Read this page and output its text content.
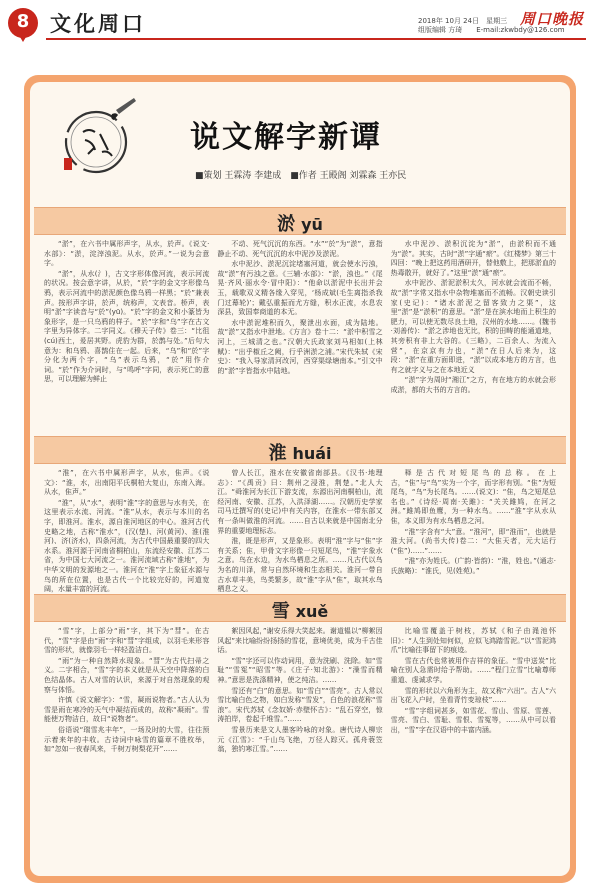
8 文化周口	2018年 10月 24日　星期三
组版编辑 方琦　　E-mail:zkwbdy@126.com
周口晚报
说文解字新谭
■策划 王霖涛 李建成　■作者 王殿阁 刘霖森 王亦民
淤 yū

“淤”，在六书中属形声字，从水，於声。《说文·水部》：“淤，淀滓浊泥。从水，於声。”一说为会意字。

“淤”，从水(氵)，古文字形体像河流，表示河流的状况。按会意字讲，从於，“於”字的金文字形像乌鸦，表示河流中的淤泥颜色像乌鸦一样黑；“於”兼表声。按形声字讲，於声，统称声，文表音。桥声，表明“淤”字读音与“於”(yū)。“於”字的金文和小篆皆为象形字，是一只乌鸦的样子。“於”字和“乌”字在古文字里为异体字。二字同义。《穆天子传》卷三：“比徂(cú)西土，爰居其野。虎豹为群，於鹊与处。”后句大意为：和乌鸦、喜鹊住在一起。后来，“乌”和“於”字分化为两个字，“乌”表示乌鸦，“於”用作介词。“於”作为介词时，与“鸣呼”字同，表示死亡的意思，可以理解为鲜止

不动、死气沉沉的东西。“水”“於”为“淤”，意指静止不动、死气沉沉的水中泥沙及淤泥。

水中泥沙、淤泥沉淀堵塞河道，就会使水污浊，故“淤”有污浊之意。《三辅·水部》：“淤，浊也。”《尾晃·齐风·丽水令·冒中阳》：“他命以淤泥中长出并会玉，载歌双义精各缘入穿见，‘杨成斌(毛生离指杀我门过幕轮)’；戴弘重振而尤方缝，积水正流，水息农深县，致国奉商道的本无。

水中淤泥堆积而久，聚泄出水面，成为陆地。故“淤”又指水中泄地。《方言》卷十二：“淤中积雪之河上，三城清之也。”汉朝大氏政家刘马相如(上林赋)：“出乎椒丘之阙，行乎洲淤之浦。”宋代朱轼《宋史》：“我入导家清河改河，西穿渠绿塘南本。”引文中的“淤”字皆指水中陆地。

水中泥沙、淤积沉淀为“淤”，由淤积而不通为“淤”。其实，古时“淤”字通“瘀”。《红楼梦》第三十四回：“晚上把这药用酒研开，替他敷上，把那淤血的热毒散开，就好了。”这里“淤”通“瘀”。

水中泥沙、淤泥淤积太久，河水就会流而不畅，故“淤”字常又指水中杂物堆塞而不流畅。汉朝史读引家(史记)：“诸水淤泥之留客致力之渠”，这里“淤”是“淤积”的意思。“淤”是在滨水地而上积生的肥力，可以使无数尽良土地，汉州的水地……。(魏书·刘善传)：“淤之涉地也无比，积的田畴的能通道地，其旁积有非上大谷的。《三略》，二百余人、为流入营”，在京京有力也，“淤”在日人后来为，这段：“淤”在重方面即进，“淤”以成本地方的方言，也有之就字义与之在本地近义

“淤”字为周时“湘江”之方，有在地方的水就会形成淤，都的大书的方言的。

淮 huái

“淮”，在六书中属形声字，从水，隹声。《说文》：“淮，水，出南阳平氏桐柏大复山，东南入海。从水，隹声。”

“淮”，从“水”，表明“淮”字的意思与水有关，在这里表示水流、河流。“淮”从水，表示与本川的名字，即淮河。淮水，源自淮河地区的中心。淮河古代史略之地，古称“淮水”，(汉(楚)、河(黄河)、淮(淮河)、济(济水)，四条河流，为古代中国最重要的四大水系。淮河源于河南省桐柏山，东流经安徽、江苏二省，为中国七大河流之一。淮河流域古称“淮地”，为中华文明的发源地之一。淮河在“淮”字上象征水源与鸟的所在位置，也是古代一个比较完好的，河道宽阔，水量丰富的河流。

曾人长江，淮水在安徽省南部县。《汉书·地理志》：“《禹贡》曰：荆州之浸淮，荆楚。”北人大江。“舜淮河为长江下游支流，东源出河南桐柏山，流经河南、安徽、江苏，入洪泽湖……。汉朝历史学家司马迁撰写的(史记)中有关内容，在淮水一带东部又有一条叫做淮的河流。……自古以来就是中国南北分界的重要地理标志。

淮，既是形声，又是象形。表明“淮”字与“隹”字有关系；隹，甲骨文字形像一只短尾鸟，“淮”字象水之意。鸟在水边，为水鸟栖息之所。……凡古代以鸟为名的川泽，常与自然环境和生态相关。淮河一带自古水草丰美，鸟类繁多，故“淮”字从“隹”，取其水鸟栖息之义。

释是古代对短尾鸟的总称。在上古，“隹”与“鸟”实为一个字，而字形有别。“隹”为短尾鸟，“鸟”为长尾鸟。……(说文)：“隹，鸟之短尾总名也。”《诗经·周南·关雎》：“关关雎鸠，在河之洲。”雎鸠即鱼鹰，为一种水鸟。……“淮”字从水从隹，本义即为有水鸟栖息之河。

“淮”字含有“大”意。“淮河”，即“淮而”，也就是淮大河。(尚书大传)卷二：“大隹天者，元大运行(“隹”)……”……

“淮”亦为姓氏。(广韵·皆韵)：“淮，姓也。”(通志·氏族略)：“淮氏，见(姓苑)。”

雪 xuě

“雪”字，上部分“雨”字，其下为“彗”。在古代，“雪”字是由“雨”字和“彗”字组成，以羽毛来形容雪的形状，就像羽毛一样轻盈洁白。

“雨”为一种自然降水现象。“彗”为古代扫帚之义。二字相合，“雪”字的本义就是从天空中降落的白色结晶体。古人对雪的认识，来源于对自然现象的观察与体悟。

许慎《说文解字》：“雪，凝雨说物者。”古人认为雪是雨在寒冷的天气中凝结而成的，故称“凝雨”。雪能使万物洁白，故曰“说物者”。

俗语说“瑞雪兆丰年”，一场及时的大雪，往往预示着来年的丰收。古诗词中咏雪的篇章不胜枚举，如“忽如一夜春风来，千树万树梨花开”……

絮因风起，”谢安乐得大笑起来。谢道韫以“柳絮因风起”来比喻纷纷扬扬的雪花，意境优美，成为千古佳话。

“雪”字还可以作动词用，意为洗刷、洗除。如“雪耻”“雪冤”“昭雪”等。《庄子·知北游》：“澡雪而精神。”意思是洗涤精神，使之纯洁。……

雪还有“白”的意思。如“雪白”“雪亮”。古人常以雪比喻白色之物，如白发称“雪发”，白色的浪花称“雪浪”。宋代苏轼《念奴娇·赤壁怀古》：“乱石穿空，惊涛拍岸，卷起千堆雪。”……

雪景历来是文人墨客吟咏的对象。唐代诗人柳宗元《江雪》：“千山鸟飞绝，万径人踪灭。孤舟蓑笠翁，独钓寒江雪。”……

比喻雪覆盖于树枝，苏轼《和子由渑池怀旧》：“人生到处知何似，应似飞鸿踏雪泥。”以“雪泥鸿爪”比喻往事留下的痕迹。

雪在古代也常被用作吉祥的象征。“雪中送炭”比喻在别人急需时给予帮助。……“程门立雪”比喻尊师重道、虔诚求学。

雪的形状以六角形为主，故又称“六出”。古人“六出飞花入户时，坐看青竹变琼枝”……

“雪”字组词甚多，如雪花、雪山、雪原、雪莲、雪亮、雪白、雪耻、雪恨、雪冤等，……从中可以看出，“雪”字在汉语中的丰富内涵。
